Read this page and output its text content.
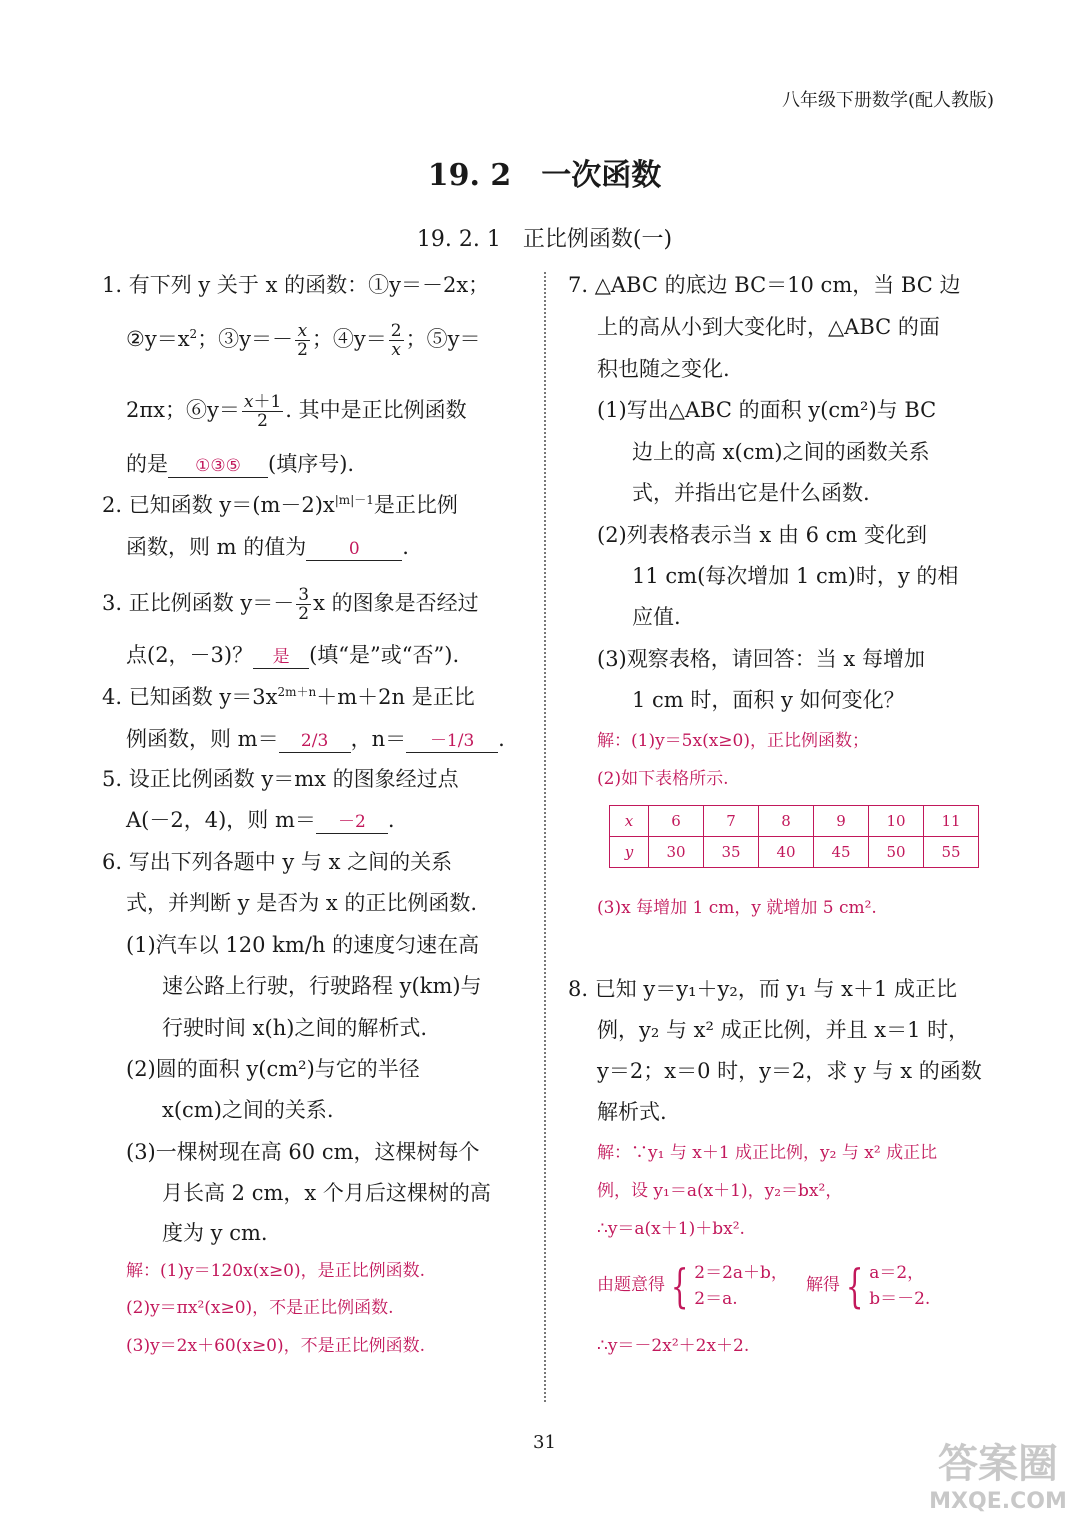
八年级下册数学(配人教版)
19. 2　一次函数
19. 2. 1　正比例函数(一)
1. 有下列 y 关于 x 的函数：①y＝－2x；
$②y=x^2$；③y＝－ $\frac{x}{2}$ ；④y＝ $\frac{2}{x}$ ；⑤y＝
2πx；⑥y＝ $\frac{x+1}{2}$ . 其中是正比例函数
的是 ①③⑤ (填序号).
2. 已知函数 $y=(m-2)x^{|m|-1}$是正比例
函数，则 m 的值为	0 .
3. 正比例函数 $y=- \frac{3}{2}$ x 的图象是否经过
点(2，－3)？ 是 (填“是”或“否”).
4. 已知函数 $y=3x^{2m+n}+m+2n$ 是正比
例函数，则 m＝ 2/3 ，n＝ －1/3 .
5. 设正比例函数 y＝mx 的图象经过点
A(－2，4)，则 m＝ －2 .
6. 写出下列各题中 y 与 x 之间的关系
式，并判断 y 是否为 x 的正比例函数.
(1)汽车以 120 km/h 的速度匀速在高
速公路上行驶，行驶路程 y(km)与
行驶时间 x(h)之间的解析式.
(2)圆的面积 y(cm²)与它的半径
x(cm)之间的关系.
(3)一棵树现在高 60 cm，这棵树每个
月长高 2 cm，x 个月后这棵树的高
度为 y cm.
解：(1)y＝120x(x≥0)，是正比例函数.
(2)y＝πx²(x≥0)，不是正比例函数.
(3)y＝2x＋60(x≥0)，不是正比例函数.
7. △ABC 的底边 BC＝10 cm，当 BC 边
上的高从小到大变化时，△ABC 的面
积也随之变化.
(1)写出△ABC 的面积 y(cm²)与 BC
边上的高 x(cm)之间的函数关系
式，并指出它是什么函数.
(2)列表格表示当 x 由 6 cm 变化到
11 cm(每次增加 1 cm)时，y 的相
应值.
(3)观察表格，请回答：当 x 每增加
1 cm 时，面积 y 如何变化？
解：(1)y＝5x(x≥0)，正比例函数；
(2)如下表格所示.
x	6	7	8	9	10	11
y	30	35	40	45	50	55
(3)x 每增加 1 cm，y 就增加 5 cm².
8. 已知 y＝y₁＋y₂，而 y₁ 与 x＋1 成正比
例，y₂ 与 x² 成正比例，并且 x＝1 时，
y＝2；x＝0 时，y＝2，求 y 与 x 的函数
解析式.
解：∵y₁ 与 x＋1 成正比例，y₂ 与 x² 成正比
例，设 y₁＝a(x＋1)，y₂＝bx²，
∴y＝a(x＋1)＋bx².
由题意得 { 2＝2a＋b，
2＝a.
解得 { a＝2，
b＝－2.
∴y＝－2x²＋2x＋2.
31	答案圈
MXQE.COM
